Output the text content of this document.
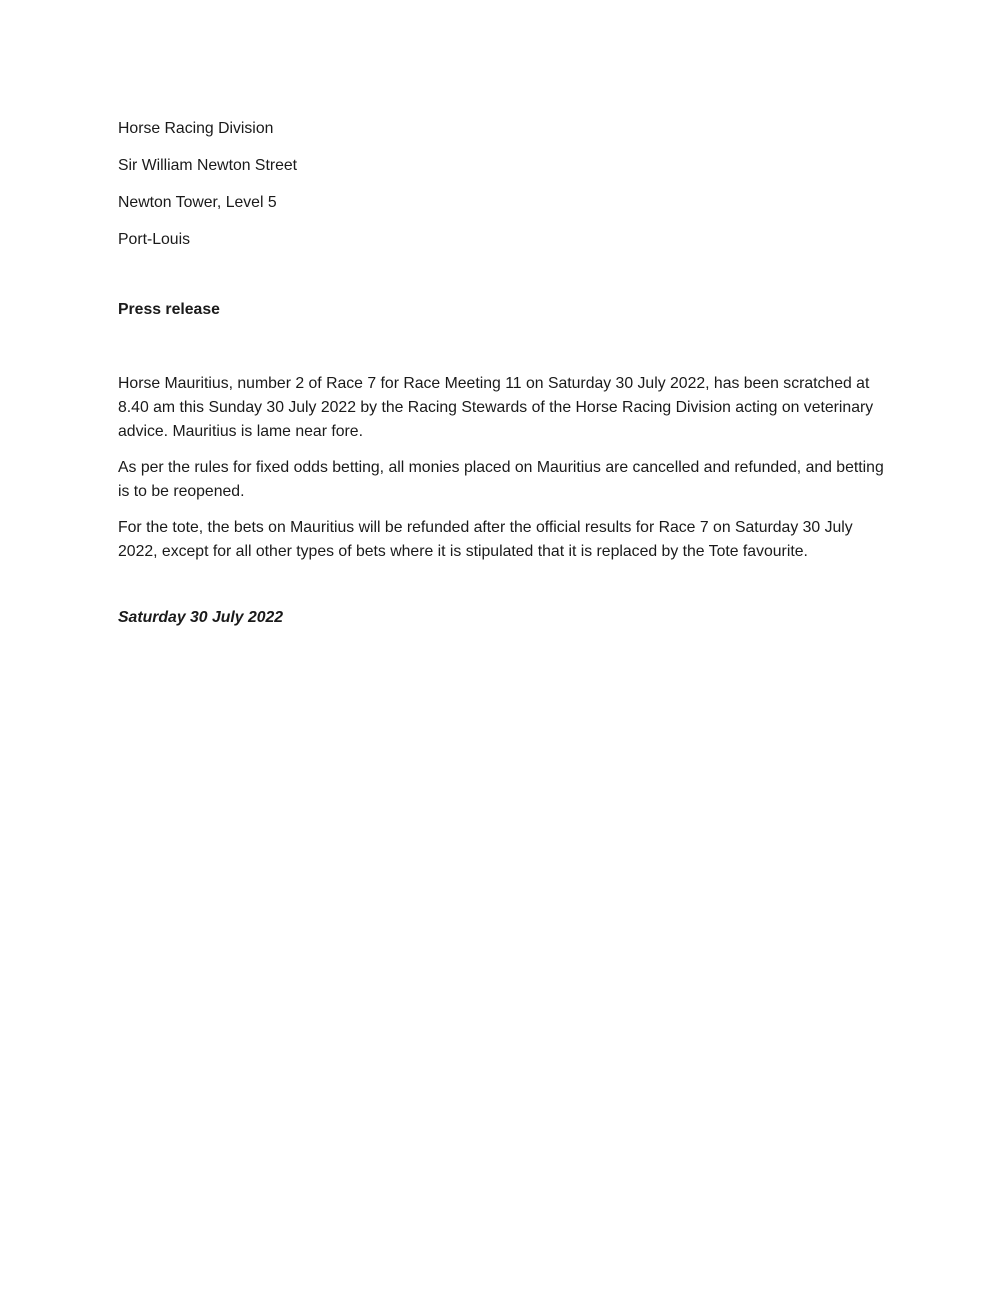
Horse Racing Division
Sir William Newton Street
Newton Tower, Level 5
Port-Louis
Press release

Horse Mauritius, number 2 of Race 7 for Race Meeting 11 on Saturday 30 July 2022, has been scratched at 8.40 am this Sunday 30 July 2022 by the Racing Stewards of the Horse Racing Division acting on veterinary advice. Mauritius is lame near fore.

As per the rules for fixed odds betting, all monies placed on Mauritius are cancelled and refunded, and betting is to be reopened.

For the tote, the bets on Mauritius will be refunded after the official results for Race 7 on Saturday 30 July 2022, except for all other types of bets where it is stipulated that it is replaced by the Tote favourite.

Saturday 30 July 2022
